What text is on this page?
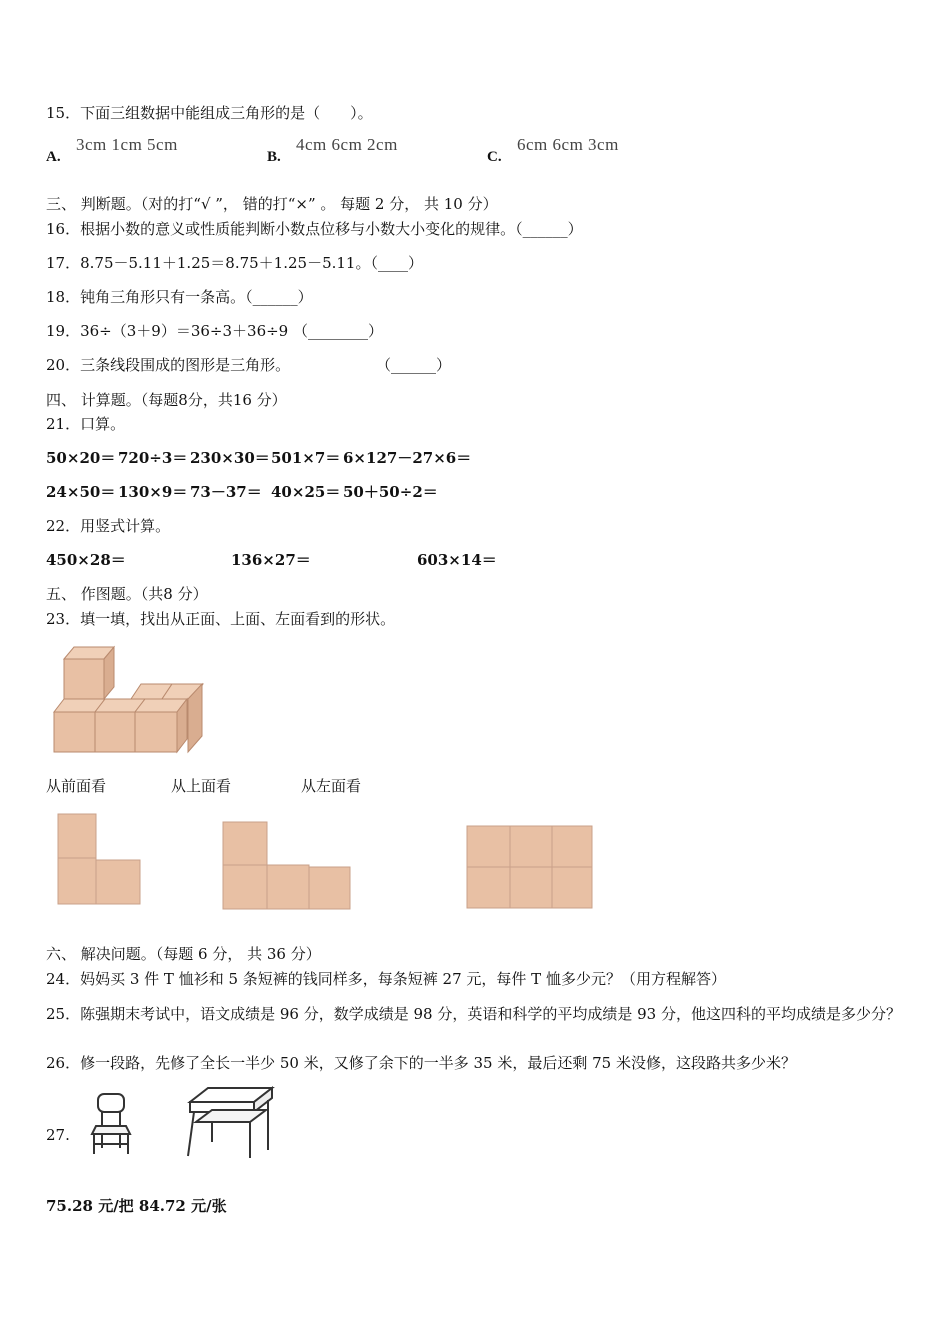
15．下面三组数据中能组成三角形的是（　　）。
A.
3cm 1cm 5cm
B.
4cm 6cm 2cm
C.
6cm 6cm 3cm
三、 判断题。（对的打“√ ”， 错的打“×” 。 每题 2 分， 共 10 分）
16．根据小数的意义或性质能判断小数点位移与小数大小变化的规律。（______）
17．8.75－5.11＋1.25＝8.75＋1.25－5.11。（____）
18．钝角三角形只有一条高。（______）
19．36÷（3＋9）＝36÷3＋36÷9 （________）
20．三条线段围成的图形是三角形。	（______）
四、 计算题。（每题8分，共16 分）
21．口算。
50×20＝ 720÷3＝ 230×30＝ 501×7＝ 6×127－27×6＝
24×50＝ 130×9＝ 73－37＝ 40×25＝ 50＋50÷2＝
22．用竖式计算。
450×28＝	136×27＝	603×14＝
五、 作图题。（共8 分）
23．填一填，找出从正面、上面、左面看到的形状。
从前面看	从上面看	从左面看
六、 解决问题。（每题 6 分， 共 36 分）
24．妈妈买 3 件 T 恤衫和 5 条短裤的钱同样多，每条短裤 27 元，每件 T 恤多少元？（用方程解答）
25．陈强期末考试中，语文成绩是 96 分，数学成绩是 98 分，英语和科学的平均成绩是 93 分，他这四科的平均成绩是多少分？
26．修一段路，先修了全长一半少 50 米，又修了余下的一半多 35 米，最后还剩 75 米没修，这段路共多少米？
27.
75.28 元/把 84.72 元/张
